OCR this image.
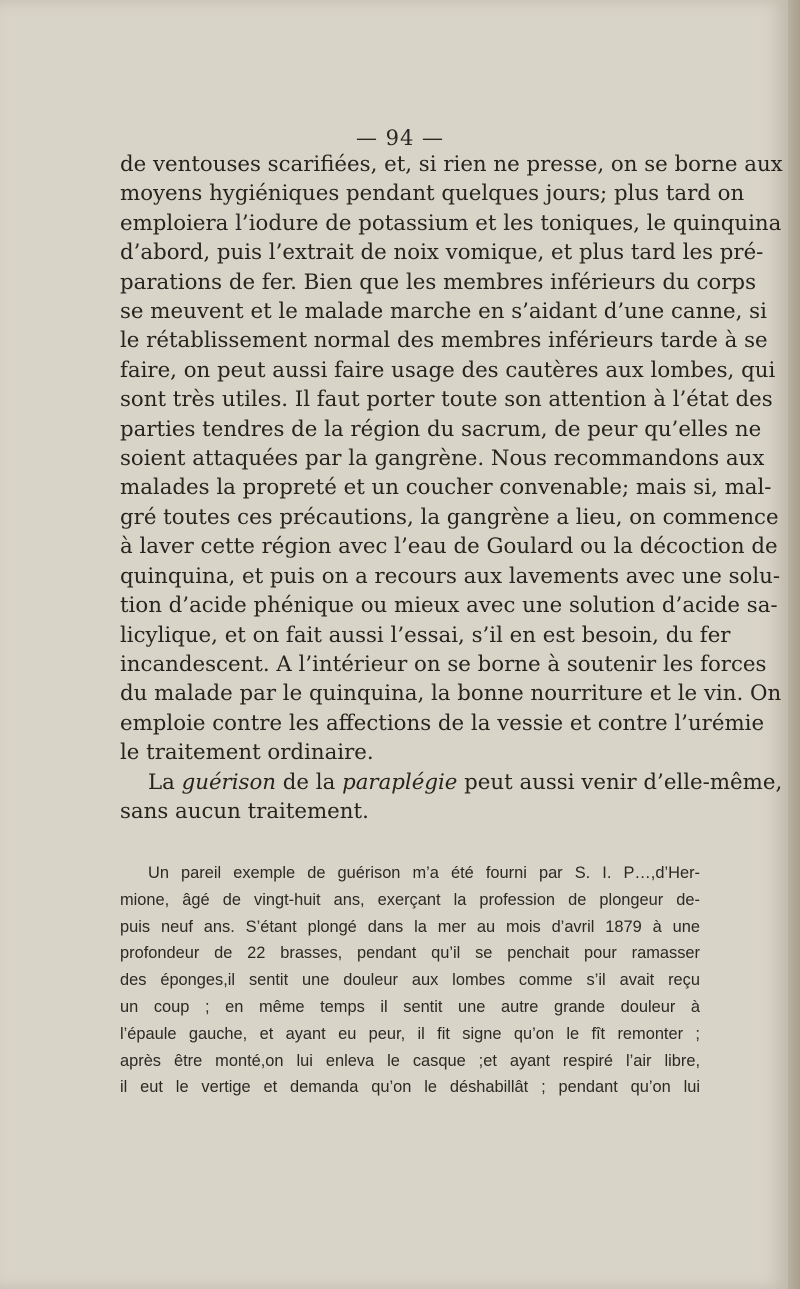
— 94 —

de ventouses scarifiées, et, si rien ne presse, on se borne aux
moyens hygiéniques pendant quelques jours; plus tard on
emploiera l’iodure de potassium et les toniques, le quinquina
d’abord, puis l’extrait de noix vomique, et plus tard les pré-
parations de fer. Bien que les membres inférieurs du corps
se meuvent et le malade marche en s’aidant d’une canne, si
le rétablissement normal des membres inférieurs tarde à se
faire, on peut aussi faire usage des cautères aux lombes, qui
sont très utiles. Il faut porter toute son attention à l’état des
parties tendres de la région du sacrum, de peur qu’elles ne
soient attaquées par la gangrène. Nous recommandons aux
malades la propreté et un coucher convenable; mais si, mal-
gré toutes ces précautions, la gangrène a lieu, on commence
à laver cette région avec l’eau de Goulard ou la décoction de
quinquina, et puis on a recours aux lavements avec une solu-
tion d’acide phénique ou mieux avec une solution d’acide sa-
licylique, et on fait aussi l’essai, s’il en est besoin, du fer
incandescent. A l’intérieur on se borne à soutenir les forces
du malade par le quinquina, la bonne nourriture et le vin. On
emploie contre les affections de la vessie et contre l’urémie
le traitement ordinaire.

La guérison de la paraplégie peut aussi venir d’elle-même,
sans aucun traitement.

Un pareil exemple de guérison m’a été fourni par S. I. P…,d’Her-
mione, âgé de vingt-huit ans, exerçant la profession de plongeur de-
puis neuf ans. S’étant plongé dans la mer au mois d’avril 1879 à une
profondeur de 22 brasses, pendant qu’il se penchait pour ramasser
des éponges,il sentit une douleur aux lombes comme s’il avait reçu
un coup ; en même temps il sentit une autre grande douleur à
l’épaule gauche, et ayant eu peur, il fit signe qu’on le fît remonter ;
après être monté,on lui enleva le casque ;et ayant respiré l’air libre,
il eut le vertige et demanda qu’on le déshabillât ; pendant qu’on lui
